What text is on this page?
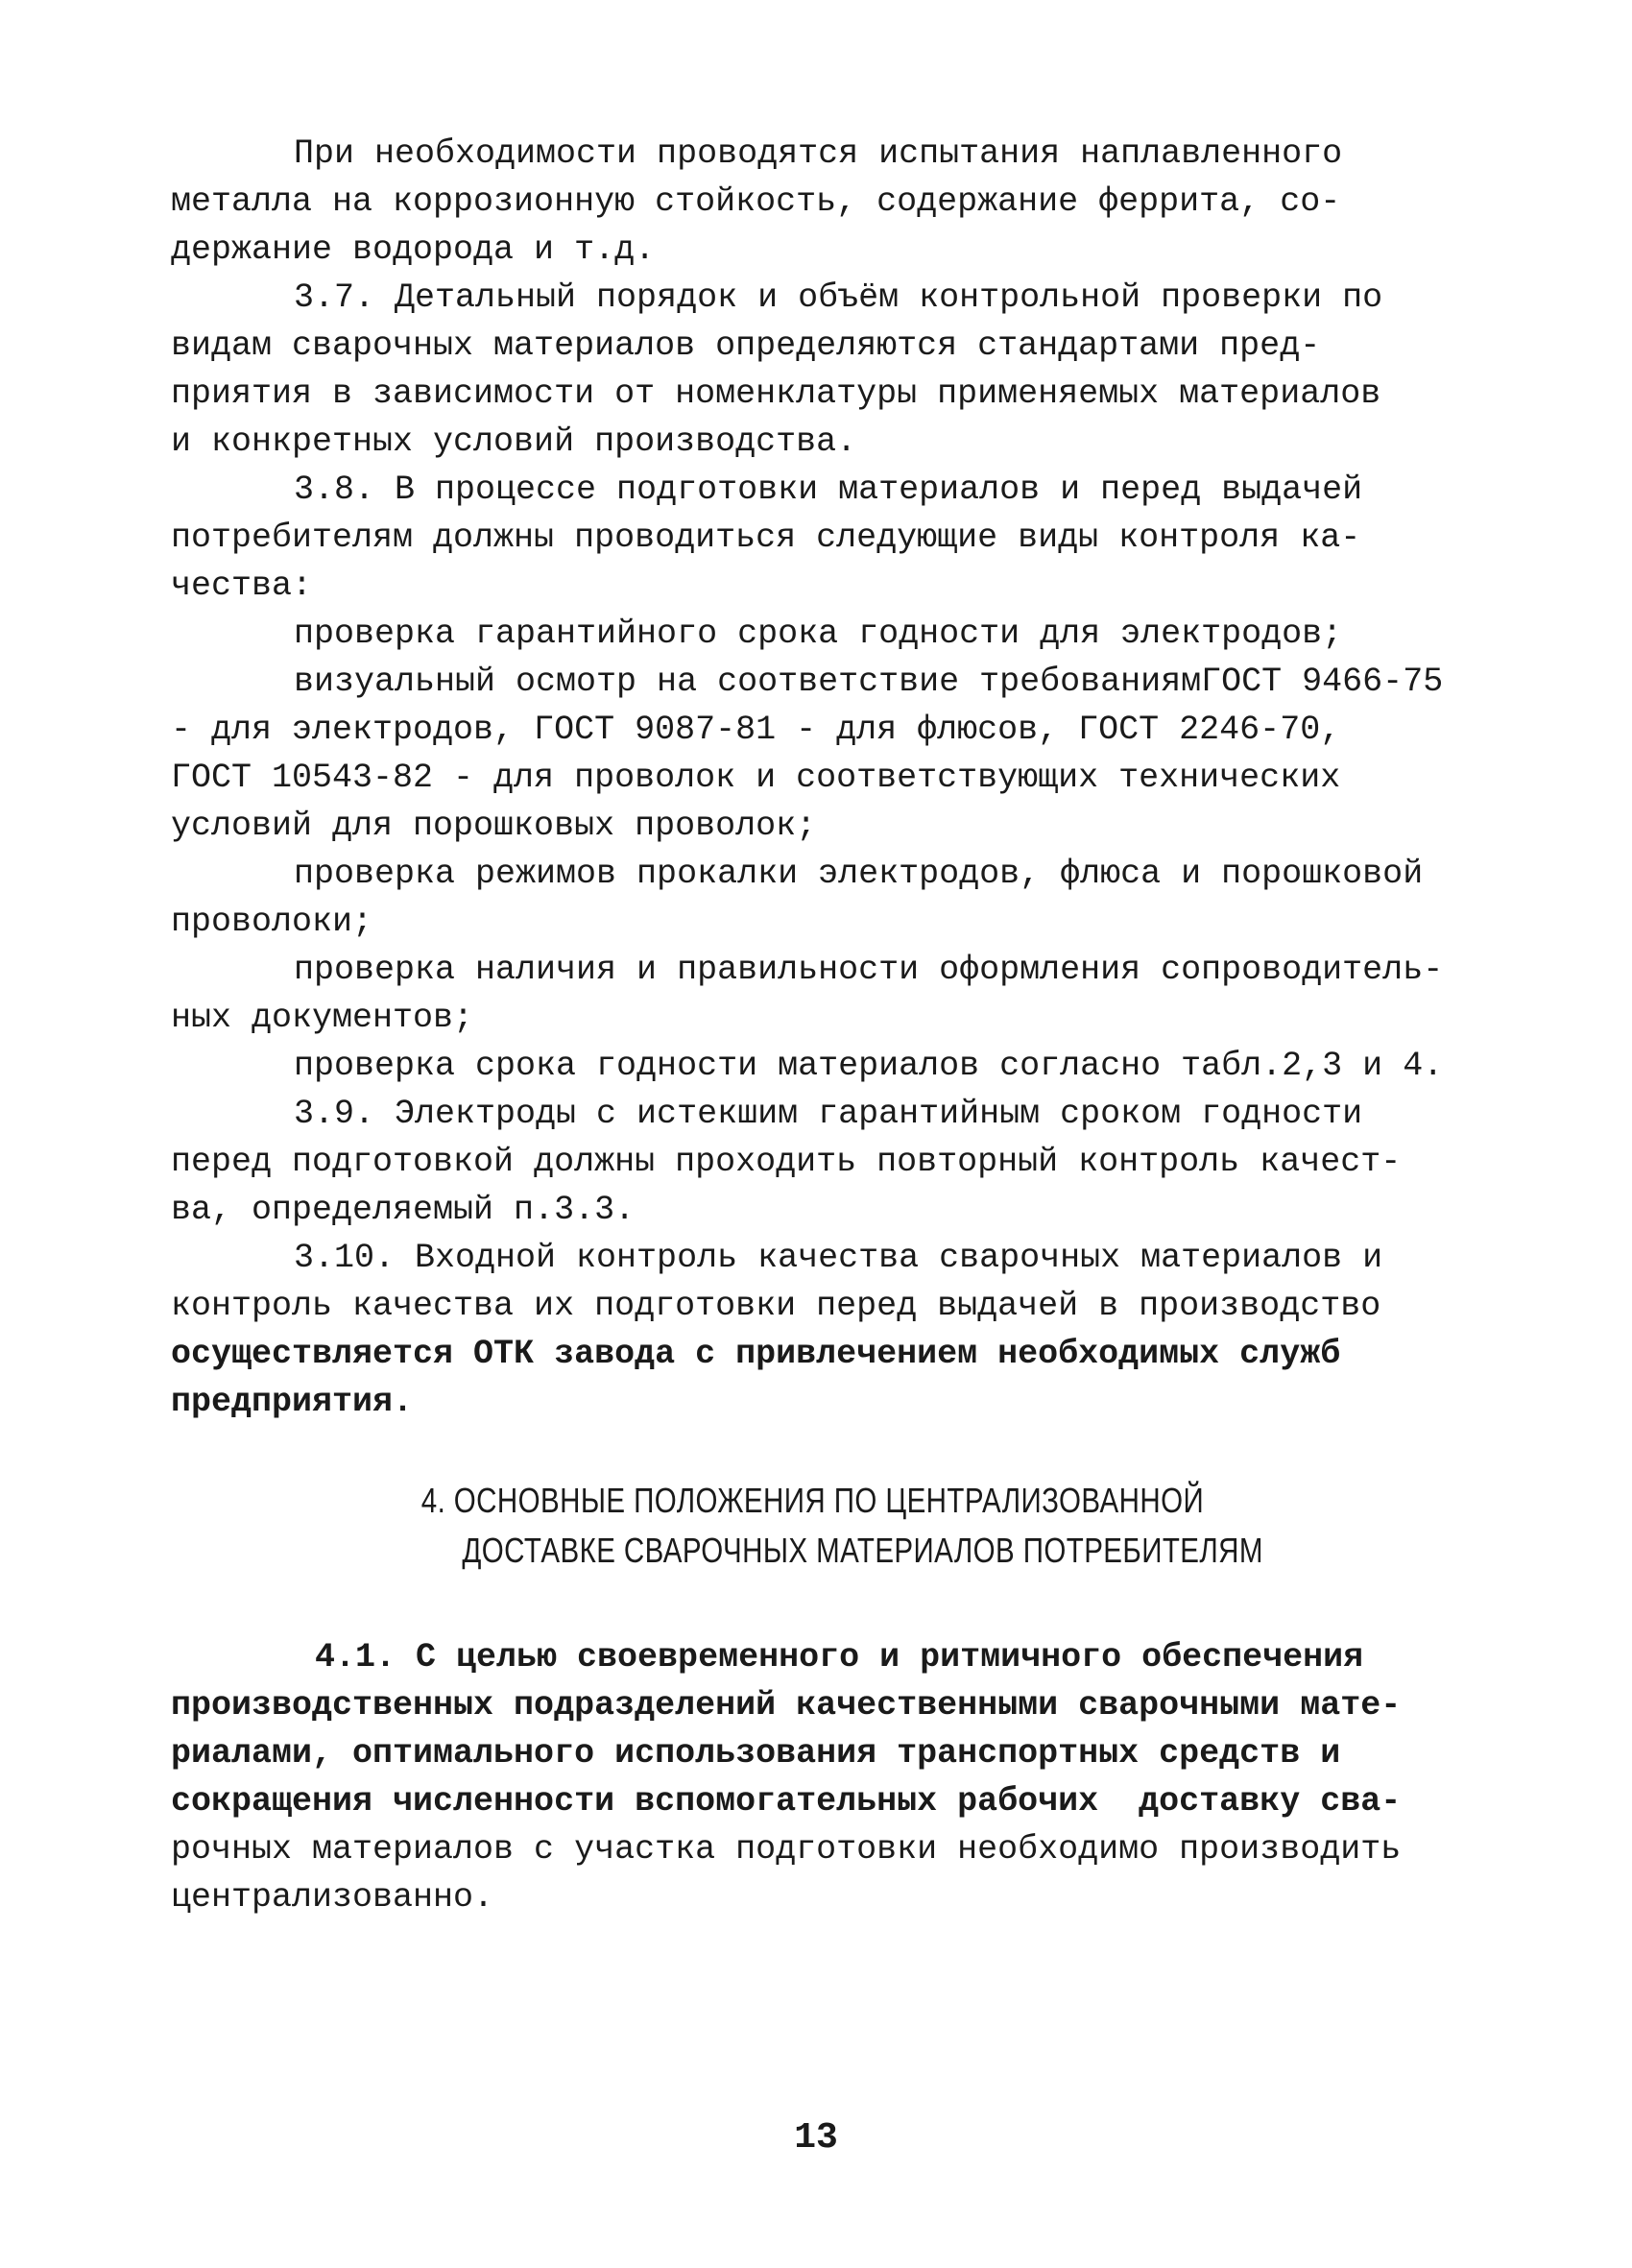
При необходимости проводятся испытания наплавленного
металла на коррозионную стойкость, содержание феррита, со-
держание водорода и т.д.
3.7. Детальный порядок и объём контрольной проверки по
видам сварочных материалов определяются стандартами пред-
приятия в зависимости от номенклатуры применяемых материалов
и конкретных уcловий производства.
3.8. В процессе подготовки материалов и перед выдачей
потребителям должны проводиться следующие виды контроля ка-
чества:
проверка гарантийного срока годности для электродов;
визуальный осмотр на соответствие требованиямГОСТ 9466-75
- для электродов, ГОСТ 9087-81 - для флюсов, ГОСТ 2246-70,
ГОСТ 10543-82 - для проволок и соответствующих технических
условий для порошковых проволок;
проверка режимов прокалки электродов, флюса и порошковой
проволоки;
проверка наличия и правильности оформления сопроводитель-
ных документов;
проверка срока годности материалов согласно табл.2,3 и 4.
3.9. Электроды с истекшим гарантийным сроком годности
перед подготовкой должны проходить повторный контроль качест-
ва, определяемый п.3.3.
3.10. Входной контроль качества сварочных материалов и
контроль качества их подготовки перед выдачей в производство
осуществляется ОТК завода с привлечением необходимых служб
предприятия.
4. ОСНОВНЫЕ ПОЛОЖЕНИЯ ПО ЦЕНТРАЛИЗОВАННОЙ
ДОСТАВКЕ СВАРОЧНЫХ МАТЕРИАЛОВ ПОТРЕБИТЕЛЯМ
4.1. С целью своевременного и ритмичного обеспечения
производственных подразделений качественными сварочными мате-
риалами, оптимального использования транспортных средств и
сокращения численности вспомогательных рабочих  доставку сва-
рочных материалов с участка подготовки необходимо производить
централизованно.
13
